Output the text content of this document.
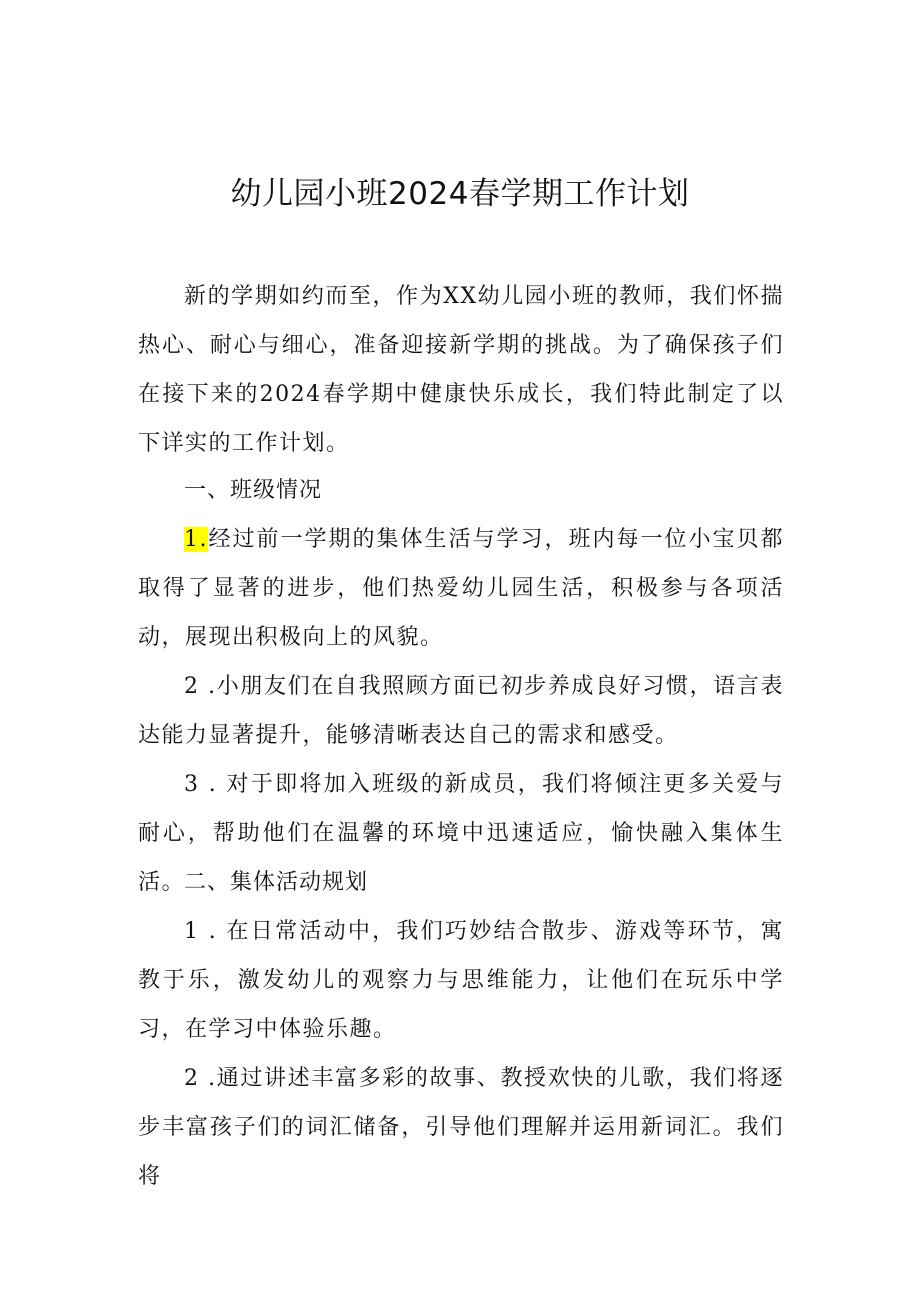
幼儿园小班2024春学期工作计划

新的学期如约而至，作为XX幼儿园小班的教师，我们怀揣热心、耐心与细心，准备迎接新学期的挑战。为了确保孩子们在接下来的2024春学期中健康快乐成长，我们特此制定了以下详实的工作计划。

一、班级情况

1.经过前一学期的集体生活与学习，班内每一位小宝贝都取得了显著的进步，他们热爱幼儿园生活，积极参与各项活动，展现出积极向上的风貌。

2 .小朋友们在自我照顾方面已初步养成良好习惯，语言表达能力显著提升，能够清晰表达自己的需求和感受。

3 . 对于即将加入班级的新成员，我们将倾注更多关爱与耐心，帮助他们在温馨的环境中迅速适应，愉快融入集体生活。

二、集体活动规划

1 . 在日常活动中，我们巧妙结合散步、游戏等环节，寓教于乐，激发幼儿的观察力与思维能力，让他们在玩乐中学习，在学习中体验乐趣。

2 .通过讲述丰富多彩的故事、教授欢快的儿歌，我们将逐步丰富孩子们的词汇储备，引导他们理解并运用新词汇。我们将
